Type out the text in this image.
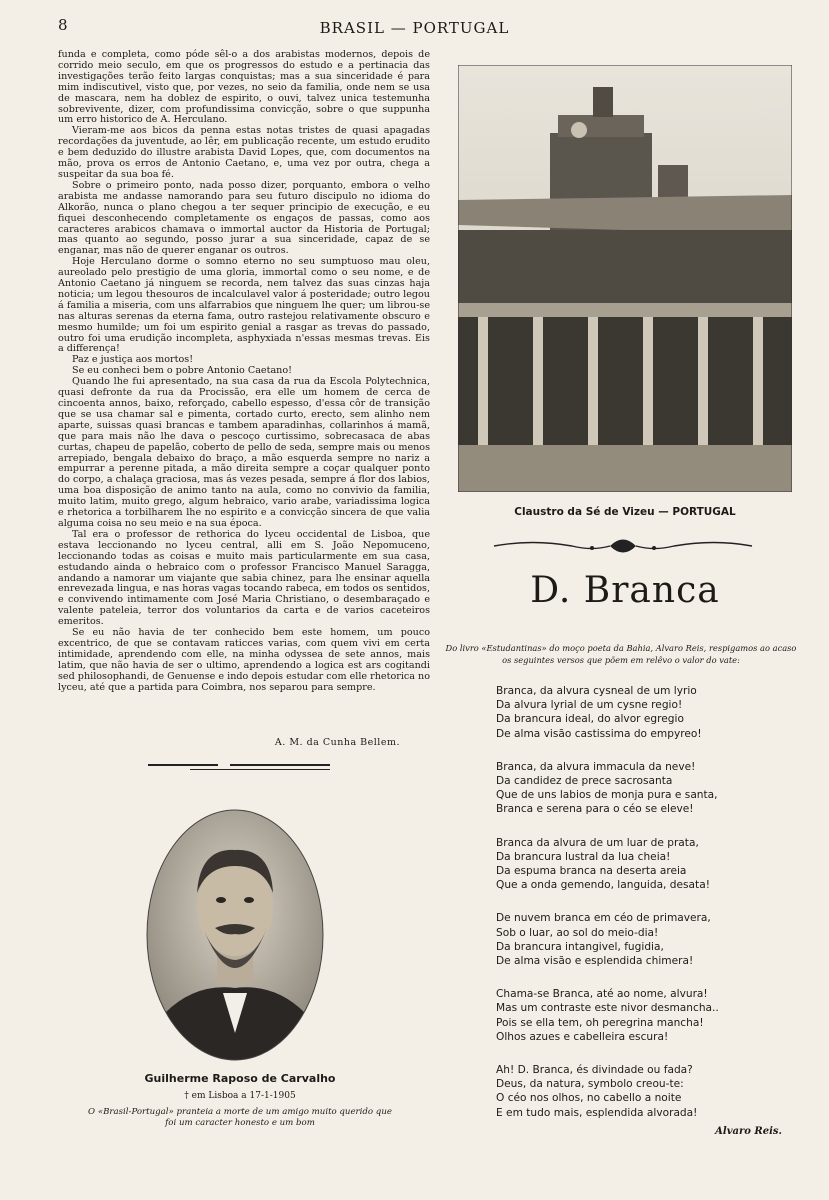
8	BRASIL — PORTUGAL

funda e completa, como póde sêl-o a dos arabistas modernos, depois de corrido meio seculo, em que os progressos do estudo e a pertinacia das investigações terão feito largas conquistas; mas a sua sinceridade é para mim indiscutivel, visto que, por vezes, no seio da familia, onde nem se usa de mascara, nem ha doblez de espirito, o ouvi, talvez unica testemunha sobrevivente, dizer, com profundissima convicção, sobre o que suppunha um erro historico de A. Herculano.

Vieram-me aos bicos da penna estas notas tristes de quasi apagadas recordações da juventude, ao lêr, em publicação recente, um estudo erudito e bem deduzido do illustre arabista David Lopes, que, com documentos na mão, prova os erros de Antonio Caetano, e, uma vez por outra, chega a suspeitar da sua boa fé.

Sobre o primeiro ponto, nada posso dizer, porquanto, embora o velho arabista me andasse namorando para seu futuro discipulo no idioma do Alkorão, nunca o plano chegou a ter sequer principio de execução, e eu fiquei desconhecendo completamente os engaços de passas, como aos caracteres arabicos chamava o immortal auctor da Historia de Portugal; mas quanto ao segundo, posso jurar a sua sinceridade, capaz de se enganar, mas não de querer enganar os outros.

Hoje Herculano dorme o somno eterno no seu sumptuoso mau oleu, aureolado pelo prestigio de uma gloria, immortal como o seu nome, e de Antonio Caetano já ninguem se recorda, nem talvez das suas cinzas haja noticia; um legou thesouros de incalculavel valor á posteridade; outro legou á familia a miseria, com uns alfarrabios que ninguem lhe quer; um librou-se nas alturas serenas da eterna fama, outro rastejou relativamente obscuro e mesmo humilde; um foi um espirito genial a rasgar as trevas do passado, outro foi uma erudição incompleta, asphyxiada n'essas mesmas trevas. Eis a differença!

Paz e justiça aos mortos!

Se eu conheci bem o pobre Antonio Caetano!

Quando lhe fui apresentado, na sua casa da rua da Escola Polytechnica, quasi defronte da rua da Procissão, era elle um homem de cerca de cincoenta annos, baixo, reforçado, cabello espesso, d'essa côr de transição que se usa chamar sal e pimenta, cortado curto, erecto, sem alinho nem aparte, suissas quasi brancas e tambem aparadinhas, collarinhos á mamã, que para mais não lhe dava o pescoço curtissimo, sobrecasaca de abas curtas, chapeu de papelão, coberto de pello de seda, sempre mais ou menos arrepiado, bengala debaixo do braço, a mão esquerda sempre no nariz a empurrar a perenne pitada, a mão direita sempre a coçar qualquer ponto do corpo, a chalaça graciosa, mas ás vezes pesada, sempre á flor dos labios, uma boa disposição de animo tanto na aula, como no convivio da familia, muito latim, muito grego, algum hebraico, vario arabe, variadissima logica e rhetorica a torbilharem lhe no espirito e a convicção sincera de que valia alguma coisa no seu meio e na sua época.

Tal era o professor de rethorica do lyceu occidental de Lisboa, que estava leccionando no lyceu central, alli em S. João Nepomuceno, leccionando todas as coisas e muito mais particularmente em sua casa, estudando ainda o hebraico com o professor Francisco Manuel Saragga, andando a namorar um viajante que sabia chinez, para lhe ensinar aquella enrevezada lingua, e nas horas vagas tocando rabeca, em todos os sentidos, e convivendo intimamente com José Maria Christiano, o desembaraçado e valente pateleia, terror dos voluntarios da carta e de varios caceteiros emeritos.

Se eu não havia de ter conhecido bem este homem, um pouco excentrico, de que se contavam raticces varias, com quem vivi em certa intimidade, aprendendo com elle, na minha odyssea de sete annos, mais latim, que não havia de ser o ultimo, aprendendo a logica est ars cogitandi sed philosophandi, de Genuense e indo depois estudar com elle rhetorica no lyceu, até que a partida para Coimbra, nos separou para sempre.

A. M. da Cunha Bellem.
Guilherme Raposo de Carvalho
† em Lisboa a 17-1-1905
O «Brasil-Portugal» pranteia a morte de um amigo muito querido que foi um caracter honesto e um bom
Claustro da Sé de Vizeu — PORTUGAL
D. Branca
Do livro «Estudantinas» do moço poeta da Bahia, Alvaro Reis, respigamos ao acaso os seguintes versos que põem em relêvo o valor do vate:
Branca, da alvura cysneal de um lyrio
Da alvura lyrial de um cysne regio!
Da brancura ideal, do alvor egregio
De alma visão castissima do empyreo!
Branca, da alvura immacula da neve!
Da candidez de prece sacrosanta
Que de uns labios de monja pura e santa,
Branca e serena para o céo se eleve!
Branca da alvura de um luar de prata,
Da brancura lustral da lua cheia!
Da espuma branca na deserta areia
Que a onda gemendo, languida, desata!
De nuvem branca em céo de primavera,
Sob o luar, ao sol do meio-dia!
Da brancura intangivel, fugidia,
De alma visão e esplendida chimera!
Chama-se Branca, até ao nome, alvura!
Mas um contraste este nivor desmancha..
Pois se ella tem, oh peregrina mancha!
Olhos azues e cabelleira escura!
Ah! D. Branca, és divindade ou fada?
Deus, da natura, symbolo creou-te:
O céo nos olhos, no cabello a noite
E em tudo mais, esplendida alvorada!
Alvaro Reis.
